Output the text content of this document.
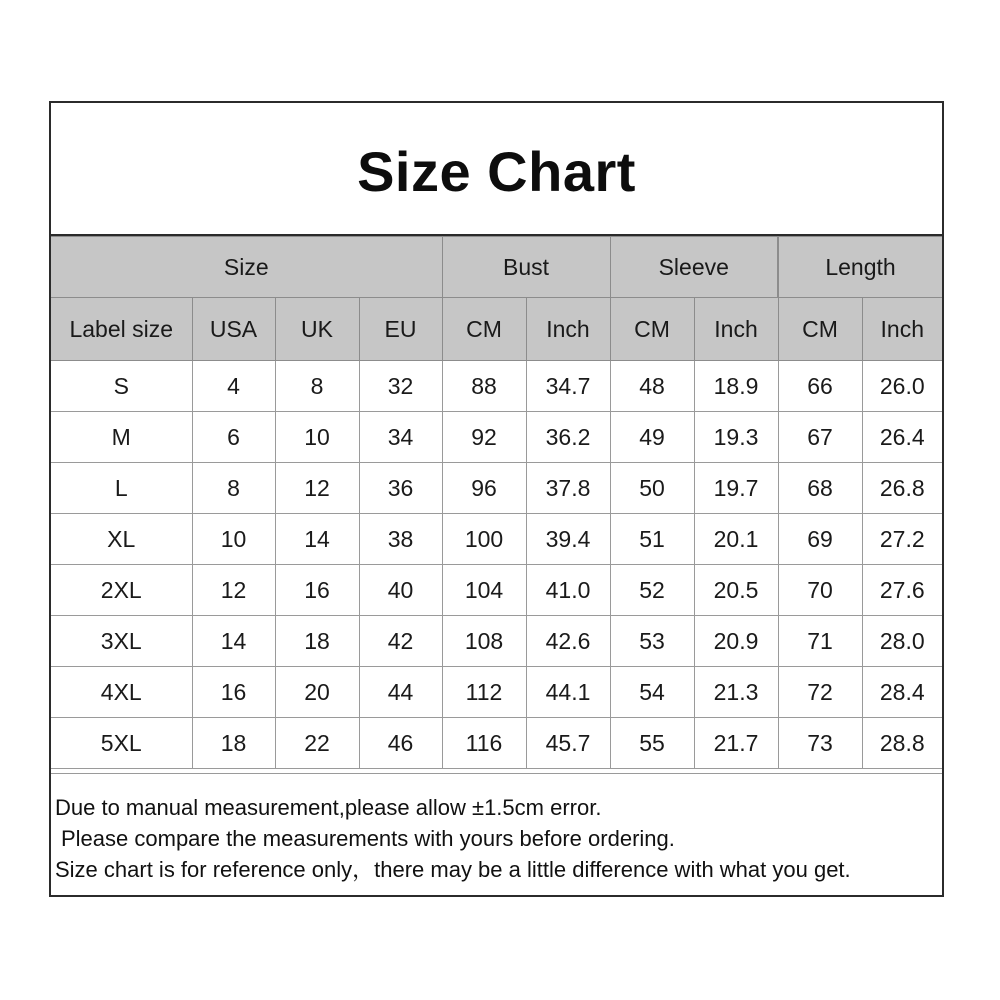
Size Chart
Size				Bust		Sleeve		Length	
Label size	USA	UK	EU	CM	Inch	CM	Inch	CM	Inch
S	4	8	32	88	34.7	48	18.9	66	26.0
M	6	10	34	92	36.2	49	19.3	67	26.4
L	8	12	36	96	37.8	50	19.7	68	26.8
XL	10	14	38	100	39.4	51	20.1	69	27.2
2XL	12	16	40	104	41.0	52	20.5	70	27.6
3XL	14	18	42	108	42.6	53	20.9	71	28.0
4XL	16	20	44	112	44.1	54	21.3	72	28.4
5XL	18	22	46	116	45.7	55	21.7	73	28.8
Due to manual measurement,please allow ±1.5cm error.
Please compare the measurements with yours before ordering.
Size chart is for reference only，there may be a little difference with what you get.
